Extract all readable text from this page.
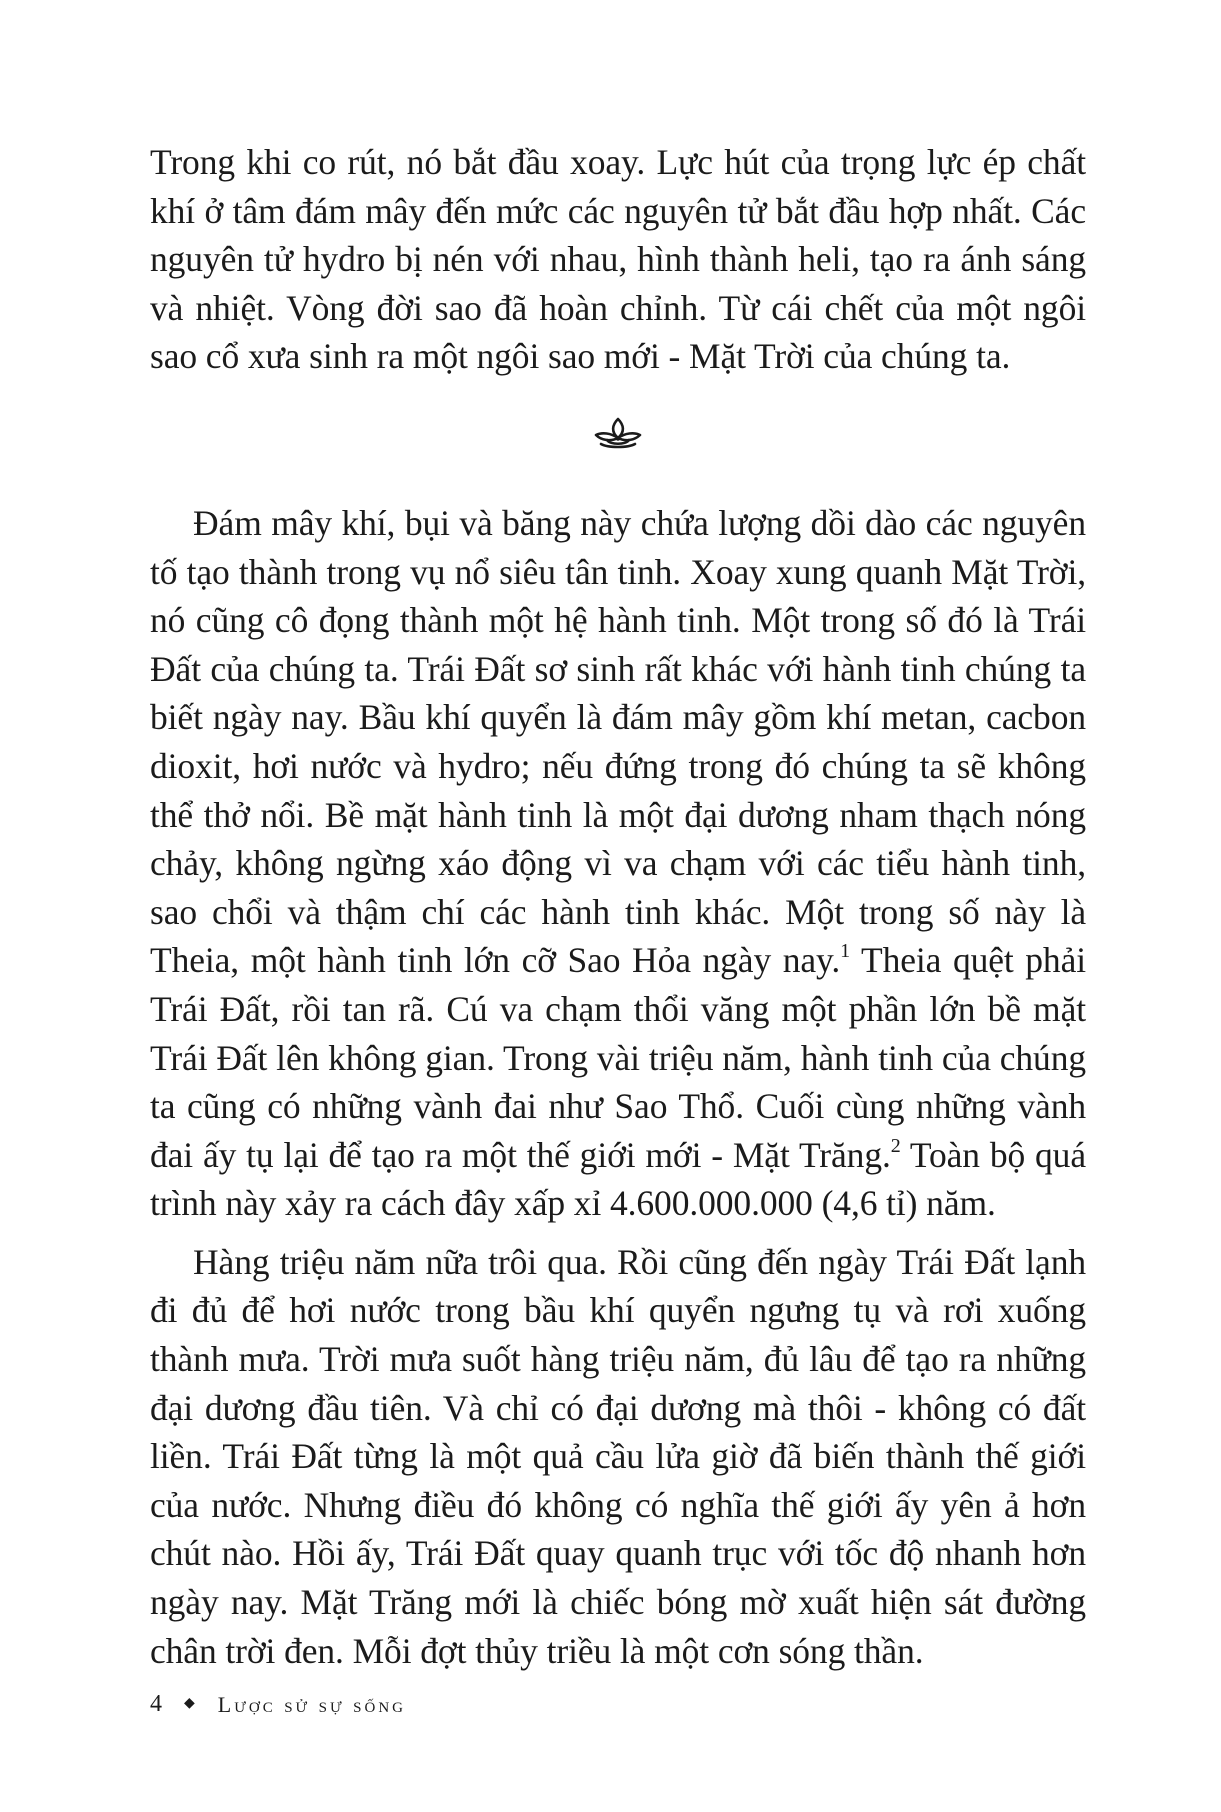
Trong khi co rút, nó bắt đầu xoay. Lực hút của trọng lực ép chất khí ở tâm đám mây đến mức các nguyên tử bắt đầu hợp nhất. Các nguyên tử hydro bị nén với nhau, hình thành heli, tạo ra ánh sáng và nhiệt. Vòng đời sao đã hoàn chỉnh. Từ cái chết của một ngôi sao cổ xưa sinh ra một ngôi sao mới - Mặt Trời của chúng ta.

Đám mây khí, bụi và băng này chứa lượng dồi dào các nguyên tố tạo thành trong vụ nổ siêu tân tinh. Xoay xung quanh Mặt Trời, nó cũng cô đọng thành một hệ hành tinh. Một trong số đó là Trái Đất của chúng ta. Trái Đất sơ sinh rất khác với hành tinh chúng ta biết ngày nay. Bầu khí quyển là đám mây gồm khí metan, cacbon dioxit, hơi nước và hydro; nếu đứng trong đó chúng ta sẽ không thể thở nổi. Bề mặt hành tinh là một đại dương nham thạch nóng chảy, không ngừng xáo động vì va chạm với các tiểu hành tinh, sao chổi và thậm chí các hành tinh khác. Một trong số này là Theia, một hành tinh lớn cỡ Sao Hỏa ngày nay.$^1$ Theia quệt phải Trái Đất, rồi tan rã. Cú va chạm thổi văng một phần lớn bề mặt Trái Đất lên không gian. Trong vài triệu năm, hành tinh của chúng ta cũng có những vành đai như Sao Thổ. Cuối cùng những vành đai ấy tụ lại để tạo ra một thế giới mới - Mặt Trăng.$^2$ Toàn bộ quá trình này xảy ra cách đây xấp xỉ 4.600.000.000 (4,6 tỉ) năm.

Hàng triệu năm nữa trôi qua. Rồi cũng đến ngày Trái Đất lạnh đi đủ để hơi nước trong bầu khí quyển ngưng tụ và rơi xuống thành mưa. Trời mưa suốt hàng triệu năm, đủ lâu để tạo ra những đại dương đầu tiên. Và chỉ có đại dương mà thôi - không có đất liền. Trái Đất từng là một quả cầu lửa giờ đã biến thành thế giới của nước. Nhưng điều đó không có nghĩa thế giới ấy yên ả hơn chút nào. Hồi ấy, Trái Đất quay quanh trục với tốc độ nhanh hơn ngày nay. Mặt Trăng mới là chiếc bóng mờ xuất hiện sát đường chân trời đen. Mỗi đợt thủy triều là một cơn sóng thần.

4 ◆ Lược sử sự sống
